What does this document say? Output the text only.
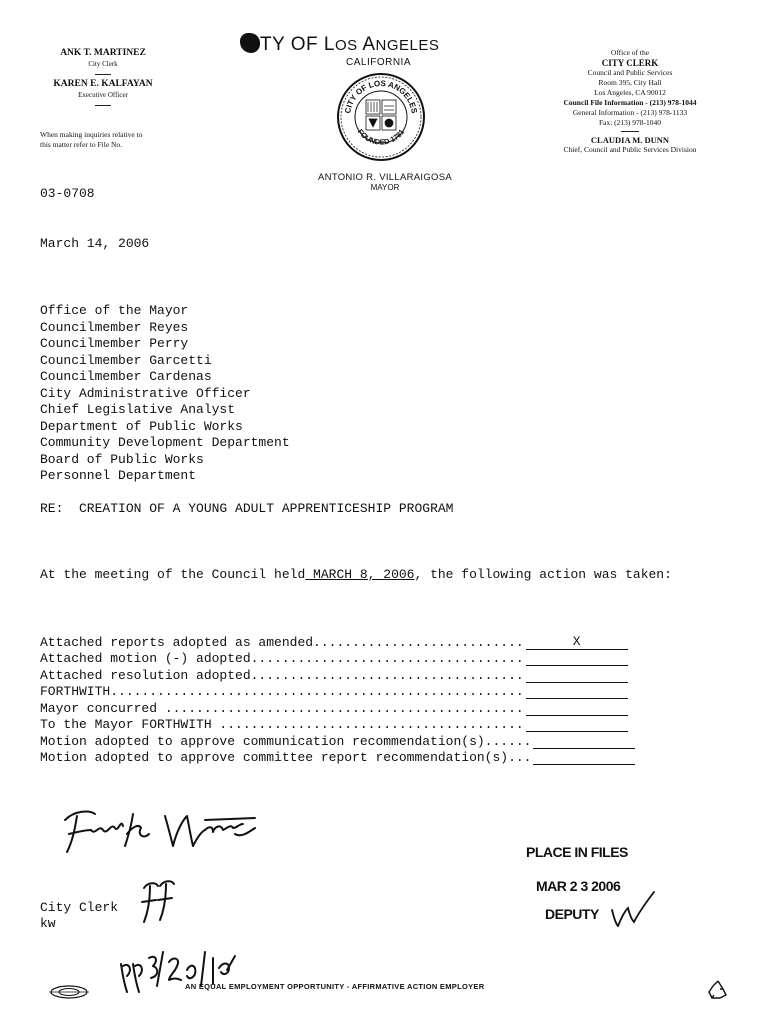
ANK T. MARTINEZ
City Clerk
KAREN E. KALFAYAN
Executive Officer
When making inquiries relative to this matter refer to File No.
TY OF LOS ANGELES
CALIFORNIA
CITY OF LOS ANGELES
FOUNDED 1781
ANTONIO R. VILLARAIGOSA
MAYOR
Office of the
CITY CLERK
Council and Public Services
Room 395, City Hall
Los Angeles, CA 90012
Council File Information - (213) 978-1044
General Information - (213) 978-1133
Fax: (213) 978-1040
CLAUDIA M. DUNN
Chief, Council and Public Services Division
03-0708
March 14, 2006
Office of the Mayor
Councilmember Reyes
Councilmember Perry
Councilmember Garcetti
Councilmember Cardenas
City Administrative Officer
Chief Legislative Analyst
Department of Public Works
Community Development Department
Board of Public Works
Personnel Department
RE:  CREATION OF A YOUNG ADULT APPRENTICESHIP PROGRAM
At the meeting of the Council held MARCH 8, 2006, the following action was taken:
Attached reports adopted as amended...........................	X
Attached motion (-) adopted...................................
Attached resolution adopted...................................
FORTHWITH.....................................................
Mayor concurred ..............................................
To the Mayor FORTHWITH .......................................
Motion adopted to approve communication recommendation(s)......
Motion adopted to approve committee report recommendation(s)...
City Clerk
kw
PLACE IN FILES
MAR 2 3 2006
DEPUTY
AN EQUAL EMPLOYMENT OPPORTUNITY - AFFIRMATIVE ACTION EMPLOYER
